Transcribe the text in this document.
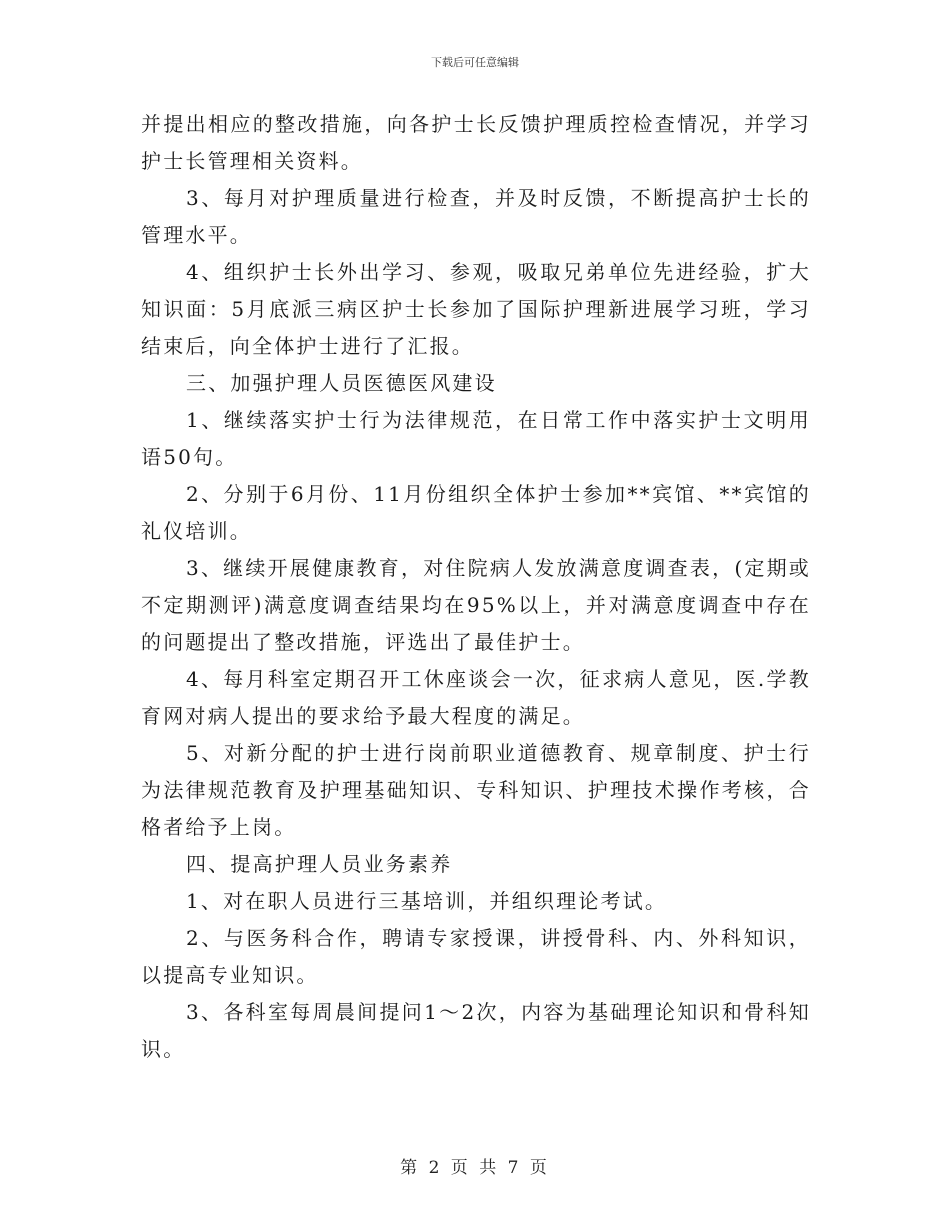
下载后可任意编辑

并提出相应的整改措施，向各护士长反馈护理质控检查情况，并学习护士长管理相关资料。

3、每月对护理质量进行检查，并及时反馈，不断提高护士长的管理水平。

4、组织护士长外出学习、参观，吸取兄弟单位先进经验，扩大知识面：5月底派三病区护士长参加了国际护理新进展学习班，学习结束后，向全体护士进行了汇报。

三、加强护理人员医德医风建设

1、继续落实护士行为法律规范，在日常工作中落实护士文明用语50句。

2、分别于6月份、11月份组织全体护士参加**宾馆、**宾馆的礼仪培训。

3、继续开展健康教育，对住院病人发放满意度调查表，(定期或不定期测评)满意度调查结果均在95%以上，并对满意度调查中存在的问题提出了整改措施，评选出了最佳护士。

4、每月科室定期召开工休座谈会一次，征求病人意见，医.学教育网对病人提出的要求给予最大程度的满足。

5、对新分配的护士进行岗前职业道德教育、规章制度、护士行为法律规范教育及护理基础知识、专科知识、护理技术操作考核，合格者给予上岗。

四、提高护理人员业务素养

1、对在职人员进行三基培训，并组织理论考试。

2、与医务科合作，聘请专家授课，讲授骨科、内、外科知识，以提高专业知识。

3、各科室每周晨间提问1～2次，内容为基础理论知识和骨科知识。

第 2 页 共 7 页
